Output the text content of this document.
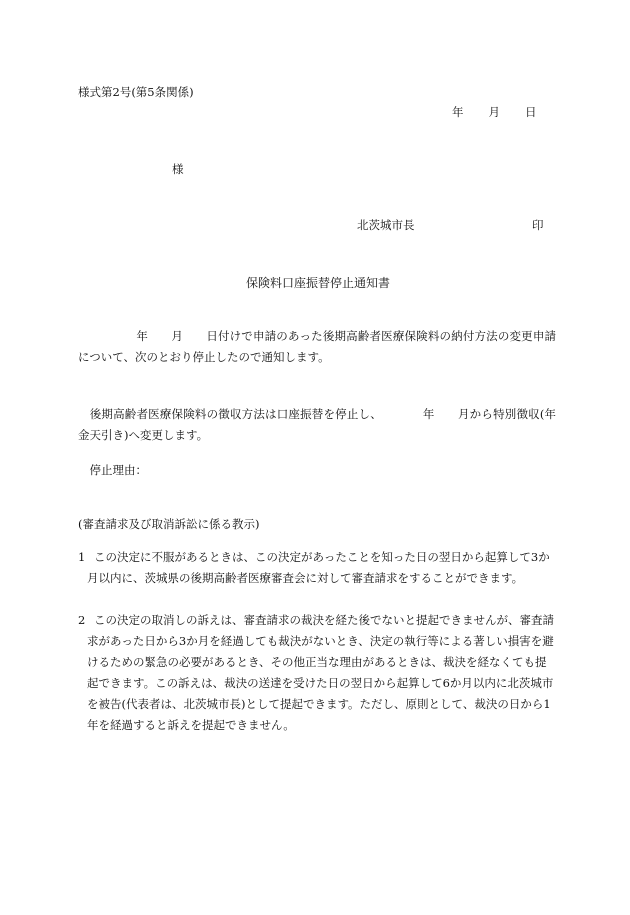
様式第2号(第5条関係)
年 月 日
様
北茨城市長	印
保険料口座振替停止通知書
　　　　　年　　月　　日付けで申請のあった後期高齢者医療保険料の納付方法の変更申請について、次のとおり停止したので通知します。
　後期高齢者医療保険料の徴収方法は口座振替を停止し、　　　　年　　月から特別徴収(年金天引き)へ変更します。
　停止理由：
(審査請求及び取消訴訟に係る教示)
1 この決定に不服があるときは、この決定があったことを知った日の翌日から起算して3か月以内に、茨城県の後期高齢者医療審査会に対して審査請求をすることができます。
2 この決定の取消しの訴えは、審査請求の裁決を経た後でないと提起できませんが、審査請求があった日から3か月を経過しても裁決がないとき、決定の執行等による著しい損害を避けるための緊急の必要があるとき、その他正当な理由があるときは、裁決を経なくても提起できます。この訴えは、裁決の送達を受けた日の翌日から起算して6か月以内に北茨城市を被告(代表者は、北茨城市長)として提起できます。ただし、原則として、裁決の日から1年を経過すると訴えを提起できません。
